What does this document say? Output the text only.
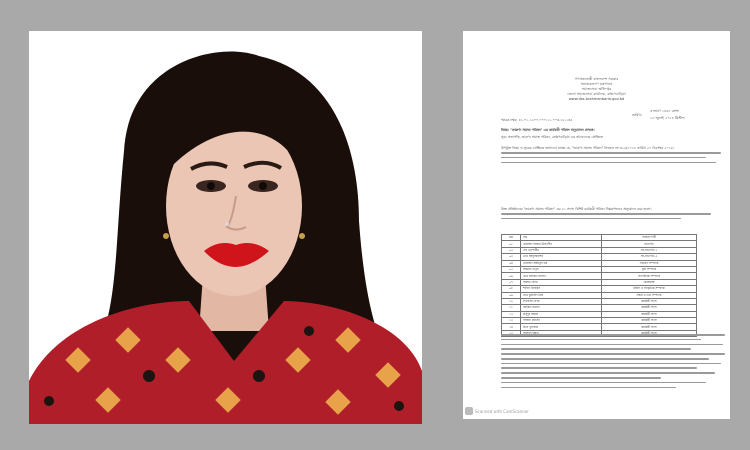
গণপ্রজাতন্ত্রী বাংলাদেশ সরকার
সমাজকল্যাণ মন্ত্রণালয়
সমাজসেবা অধিদপ্তর
জেলা সমাজসেবা কার্যালয়, ব্রাহ্মণবাড়িয়া
www.dss.brahmanbaria.gov.bd
৩ শ্রাবণ ১৪৩১ বঙ্গাব্দ
তারিখ:
১৮ জুলাই ২০২৪ খ্রিস্টাব্দ
স্মারক নম্বর: ৪১.০১.১২০০.০০০.১১.০০৩.১৮-১৩৫
বিষয়: "তারুণ্য সমাজ পরিষদ" এর কার্যকরী পরিষদ অনুমোদন প্রসঙ্গে।
সূত্র: সভাপতি, তারুণ্য সমাজ পরিষদ, ব্রাহ্মণবাড়িয়া এর আবেদনের প্রেক্ষিতে
উপর্যুক্ত বিষয় ও সূত্রের প্রেক্ষিতে জানানো যাচ্ছে যে, "তারুণ্য সমাজ পরিষদ" নিবন্ধন নং ৩১৫/২০১৮ তারিখ ২৭ ডিসেম্বর ২০১৮।
উক্ত প্রতিষ্ঠানের "তারুণ্য সমাজ পরিষদ" এর ২১ সদস্য বিশিষ্ট কার্যকরী পরিষদ নিম্নরূপভাবে অনুমোদন করা হলো।
ক্রম	নাম	সংস্থায় পদবী
০১	মোহাম্মদ নিজাম উদ্দোগীন	সভাপতি
০২	এস এম শামীম	সহ-সভাপতি-১
০৩	মোঃ আবুলকাশেম	সহ-সভাপতি-২
০৪	মোহাম্মদ আমিনুল হক	সাধারণ সম্পাদক
০৫	আমেনা খাতুন	যুগ্ম সম্পাদক
০৬	মোঃ জাকির হোসেন	সাংগঠনিক সম্পাদক
০৭	আসমা বেগম	কোষাধ্যক্ষ
০৮	শাহিদা বিলকিস	মহিলা ও সাংস্কৃতিক সম্পাদক
০৯	মোঃ মুজাহিদ মিয়া	প্রচার ও তথ্য সম্পাদক
১০	ফিরোজা বেগম	কার্যকরী সদস্য
১১	জাকির হোসেন	কার্যকরী সদস্য
১২	মাসুদুর রহমান	কার্যকরী সদস্য
১৩	সাজ্জাদ হোসেন	কার্যকরী সদস্য
১৪	মিতা খুলজার	কার্যকরী সদস্য

Scanned with CamScanner
